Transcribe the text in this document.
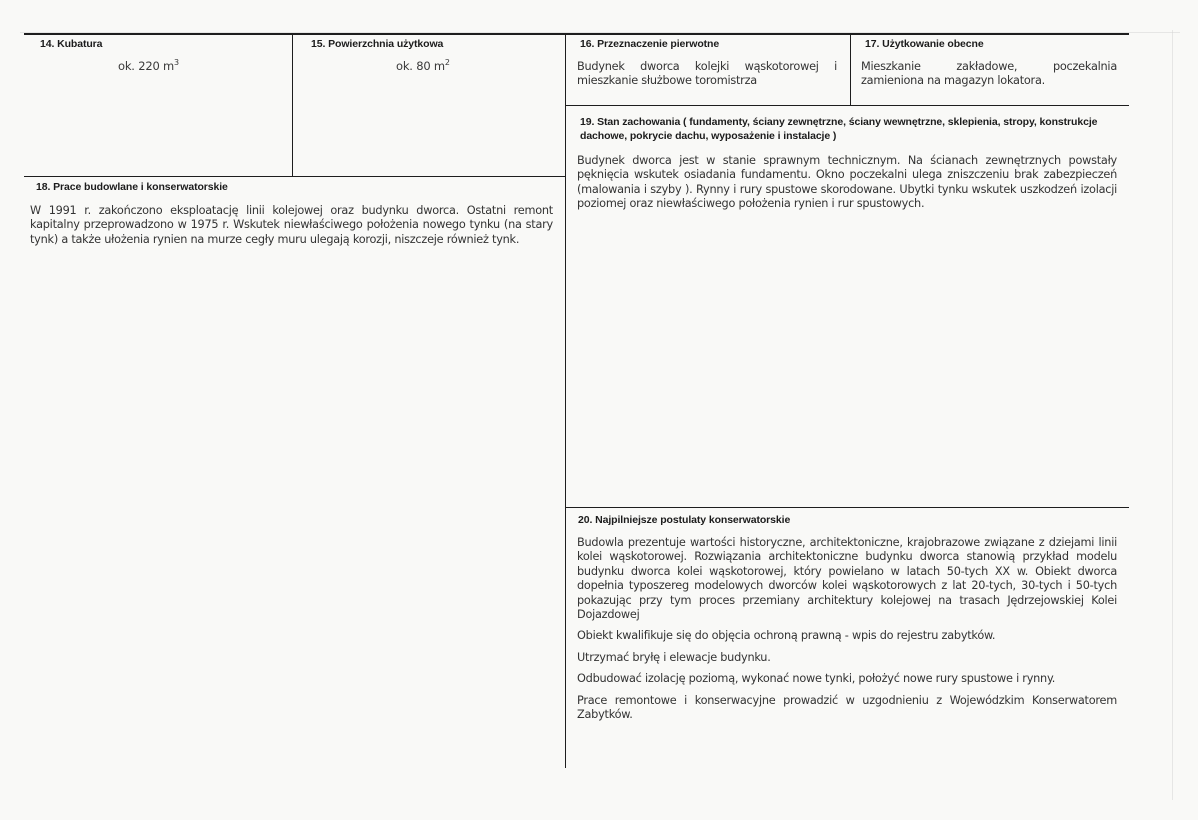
14. Kubatura
ok. 220 $m^3$
15. Powierzchnia użytkowa
ok. 80 $m^2$
16. Przeznaczenie pierwotne

Budynek dworca kolejki wąskotorowej i mieszkanie służbowe toromistrza

17. Użytkowanie obecne

Mieszkanie zakładowe, poczekalnia zamieniona na magazyn lokatora.

19. Stan zachowania ( fundamenty, ściany zewnętrzne, ściany wewnętrzne, sklepienia, stropy, konstrukcje dachowe, pokrycie dachu, wyposażenie i instalacje )

Budynek dworca jest w stanie sprawnym technicznym. Na ścianach zewnętrznych powstały pęknięcia wskutek osiadania fundamentu. Okno poczekalni ulega zniszczeniu brak zabezpieczeń (malowania i szyby ). Rynny i rury spustowe skorodowane. Ubytki tynku wskutek uszkodzeń izolacji poziomej oraz niewłaściwego położenia rynien i rur spustowych.

18. Prace budowlane i konserwatorskie

W 1991 r. zakończono eksploatację linii kolejowej oraz budynku dworca. Ostatni remont kapitalny przeprowadzono w 1975 r. Wskutek niewłaściwego położenia nowego tynku (na stary tynk) a także ułożenia rynien na murze cegły muru ulegają korozji, niszczeje również tynk.

20. Najpilniejsze postulaty konserwatorskie

Budowla prezentuje wartości historyczne, architektoniczne, krajobrazowe związane z dziejami linii kolei wąskotorowej. Rozwiązania architektoniczne budynku dworca stanowią przykład modelu budynku dworca kolei wąskotorowej, który powielano w latach 50-tych XX w. Obiekt dworca dopełnia typoszereg modelowych dworców kolei wąskotorowych z lat 20-tych, 30-tych i 50-tych pokazując przy tym proces przemiany architektury kolejowej na trasach Jędrzejowskiej Kolei Dojazdowej

Obiekt kwalifikuje się do objęcia ochroną prawną - wpis do rejestru zabytków.

Utrzymać bryłę i elewacje budynku.

Odbudować izolację poziomą, wykonać nowe tynki, położyć nowe rury spustowe i rynny.

Prace remontowe i konserwacyjne prowadzić w uzgodnieniu z Wojewódzkim Konserwatorem Zabytków.
